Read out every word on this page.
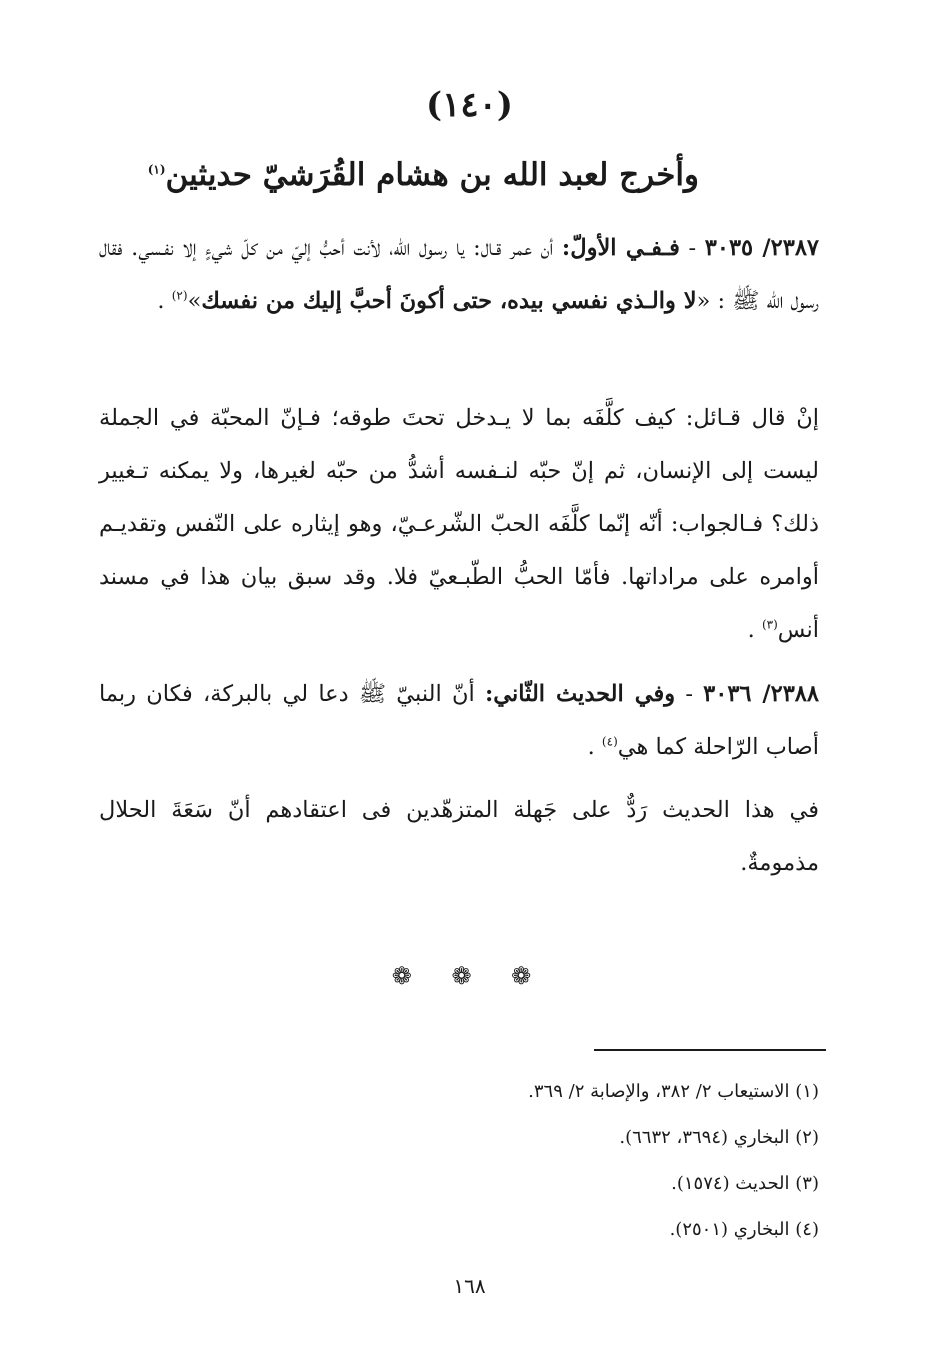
(١٤٠)
وأخرج لعبد الله بن هشام القُرَشيّ حديثين$^{(١)}$
٢٣٨٧/ ٣٠٣٥ - فـفـي الأولّ: أن عمر قـال: يا رسول الله، لأنت أحبُّ إليّ من كلّ شيءٍ إلا نفـسي. فقال رسول الله ﷺ : «لا والـذي نفسي بيده، حتى أكونَ أحبَّ إليك من نفسك»$^{(٢)}$ .
إنْ قال قـائل: كيف كلَّفَه بما لا يـدخل تحتَ طوقه؛ فـإنّ المحبّة في الجملة ليست إلى الإنسان، ثم إنّ حبّه لنـفسه أشدُّ من حبّه لغيرها، ولا يمكنه تـغيير ذلك؟ فـالجواب: أنّه إنّما كلَّفَه الحبّ الشّرعـيّ، وهو إيثاره على النّفس وتقديـم أوامره على مراداتها. فأمّا الحبُّ الطّبـعيّ فلا. وقد سبق بيان هذا في مسند أنس$^{(٣)}$ .
٢٣٨٨/ ٣٠٣٦ - وفي الحديث الثّاني: أنّ النبيّ ﷺ دعا لي بالبركة، فكان ربما أصاب الرّاحلة كما هي$^{(٤)}$ .
في هذا الحديث رَدٌّ على جَهلة المتزهّدين فى اعتقادهم أنّ سَعَةَ الحلال مذمومةٌ.
❁ ❁ ❁
(١) الاستيعاب ٢/ ٣٨٢، والإصابة ٢/ ٣٦٩.
(٢) البخاري (٣٦٩٤، ٦٦٣٢).
(٣) الحديث (١٥٧٤).
(٤) البخاري (٢٥٠١).
١٦٨
